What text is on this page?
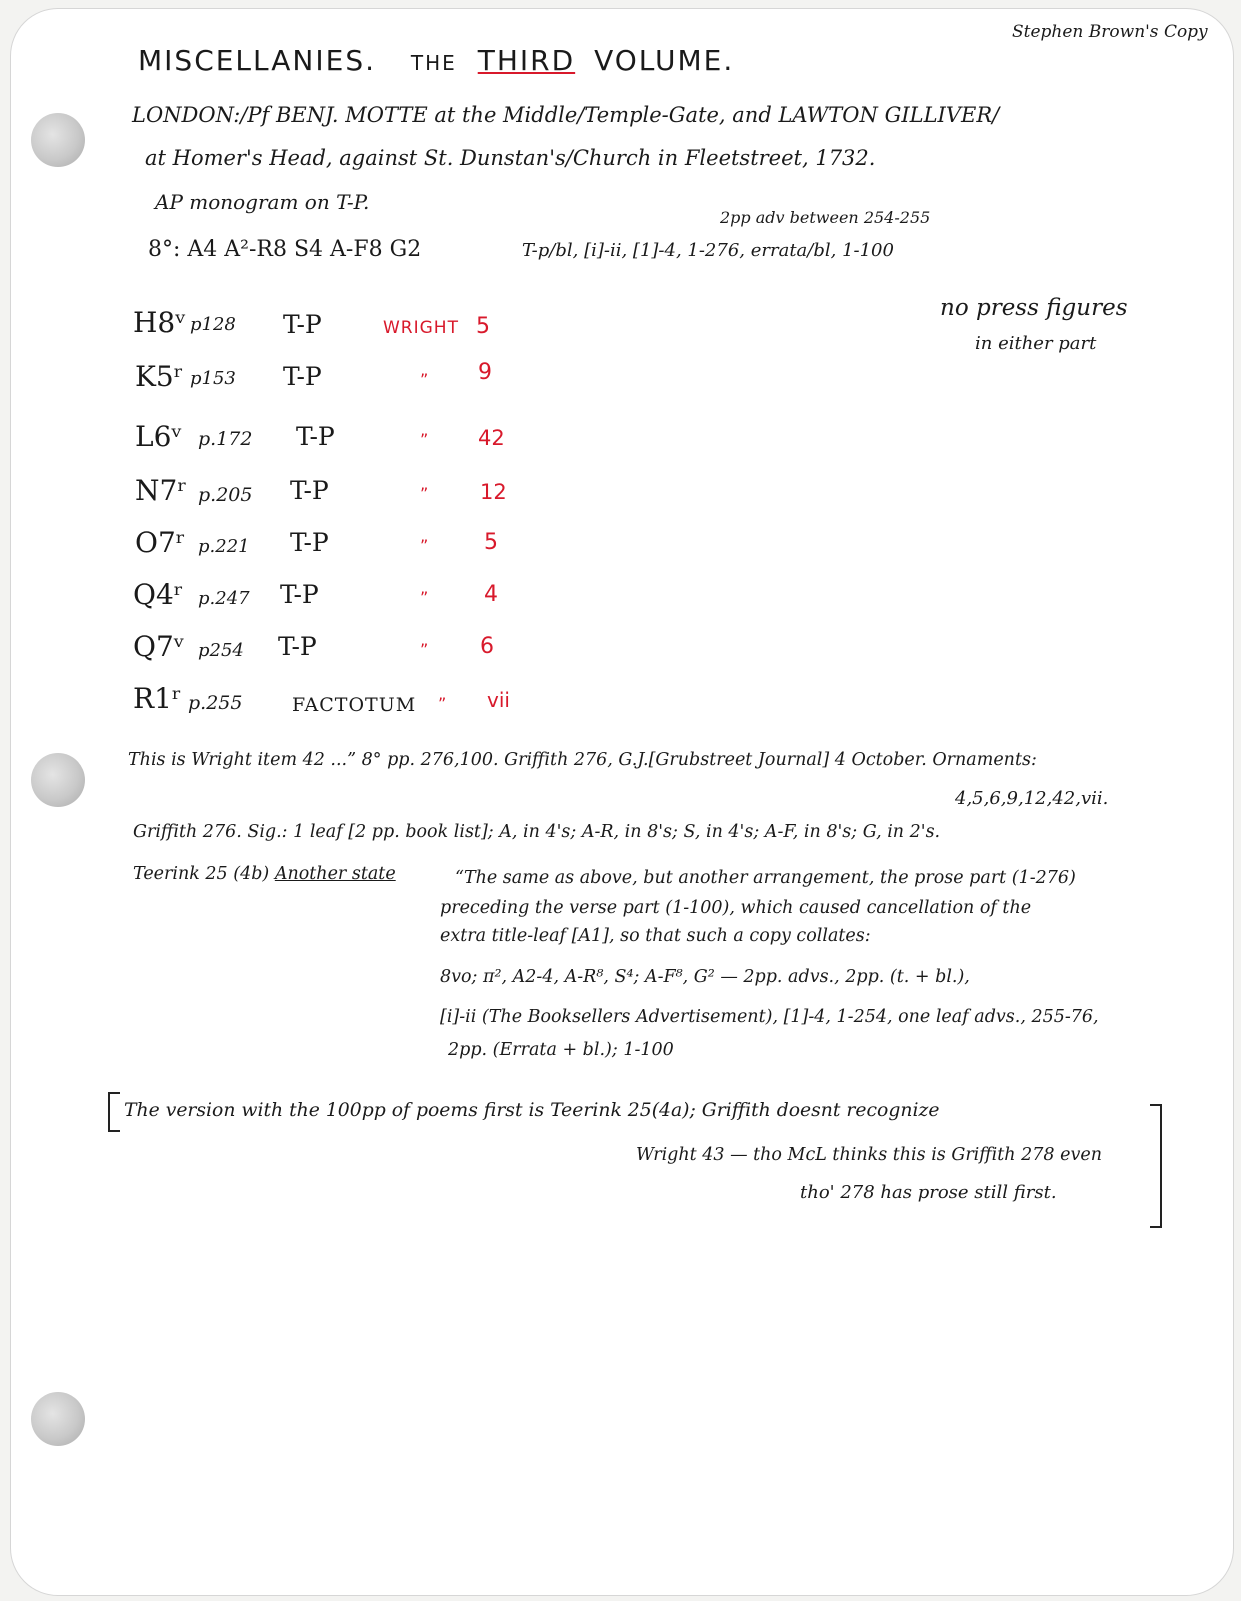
Stephen Brown's Copy
MISCELLANIES. THE THIRD VOLUME.
LONDON:/Pf BENJ. MOTTE at the Middle/Temple-Gate, and LAWTON GILLIVER/
at Homer's Head, against St. Dunstan's/Church in Fleetstreet, 1732.
AP monogram on T-P.
2pp adv between 254-255
8°: A4 A²-R8 S4 A-F8 G2	T-p/bl, [i]-ii, [1]-4, 1-276, errata/bl, 1-100
no press figures
in either part
H8ᵛ p128 T-P	WRIGHT 5
K5ʳ p153 T-P	” 9
L6ᵛ p.172 T-P	” 42
N7ʳ p.205 T-P	” 12
O7ʳ p.221 T-P	”	5
Q4ʳ p.247 T-P	”	4
Q7ᵛ p254 T-P	” 6
R1ʳ p.255	FACTOTUM ” vii
This is Wright item 42 ...” 8° pp. 276,100. Griffith 276, G.J.[Grubstreet Journal] 4 October. Ornaments:
4,5,6,9,12,42,vii.
Griffith 276. Sig.: 1 leaf [2 pp. book list]; A, in 4's; A-R, in 8's; S, in 4's; A-F, in 8's; G, in 2's.
Teerink 25 (4b) Another state	“The same as above, but another arrangement, the prose part (1-276)
preceding the verse part (1-100), which caused cancellation of the
extra title-leaf [A1], so that such a copy collates:
8vo; π², A2-4, A-R⁸, S⁴; A-F⁸, G² — 2pp. advs., 2pp. (t. + bl.),
[i]-ii (The Booksellers Advertisement), [1]-4, 1-254, one leaf advs., 255-76,
2pp. (Errata + bl.); 1-100
The version with the 100pp of poems first is Teerink 25(4a); Griffith doesnt recognize
Wright 43 — tho McL thinks this is Griffith 278 even
tho' 278 has prose still first.
